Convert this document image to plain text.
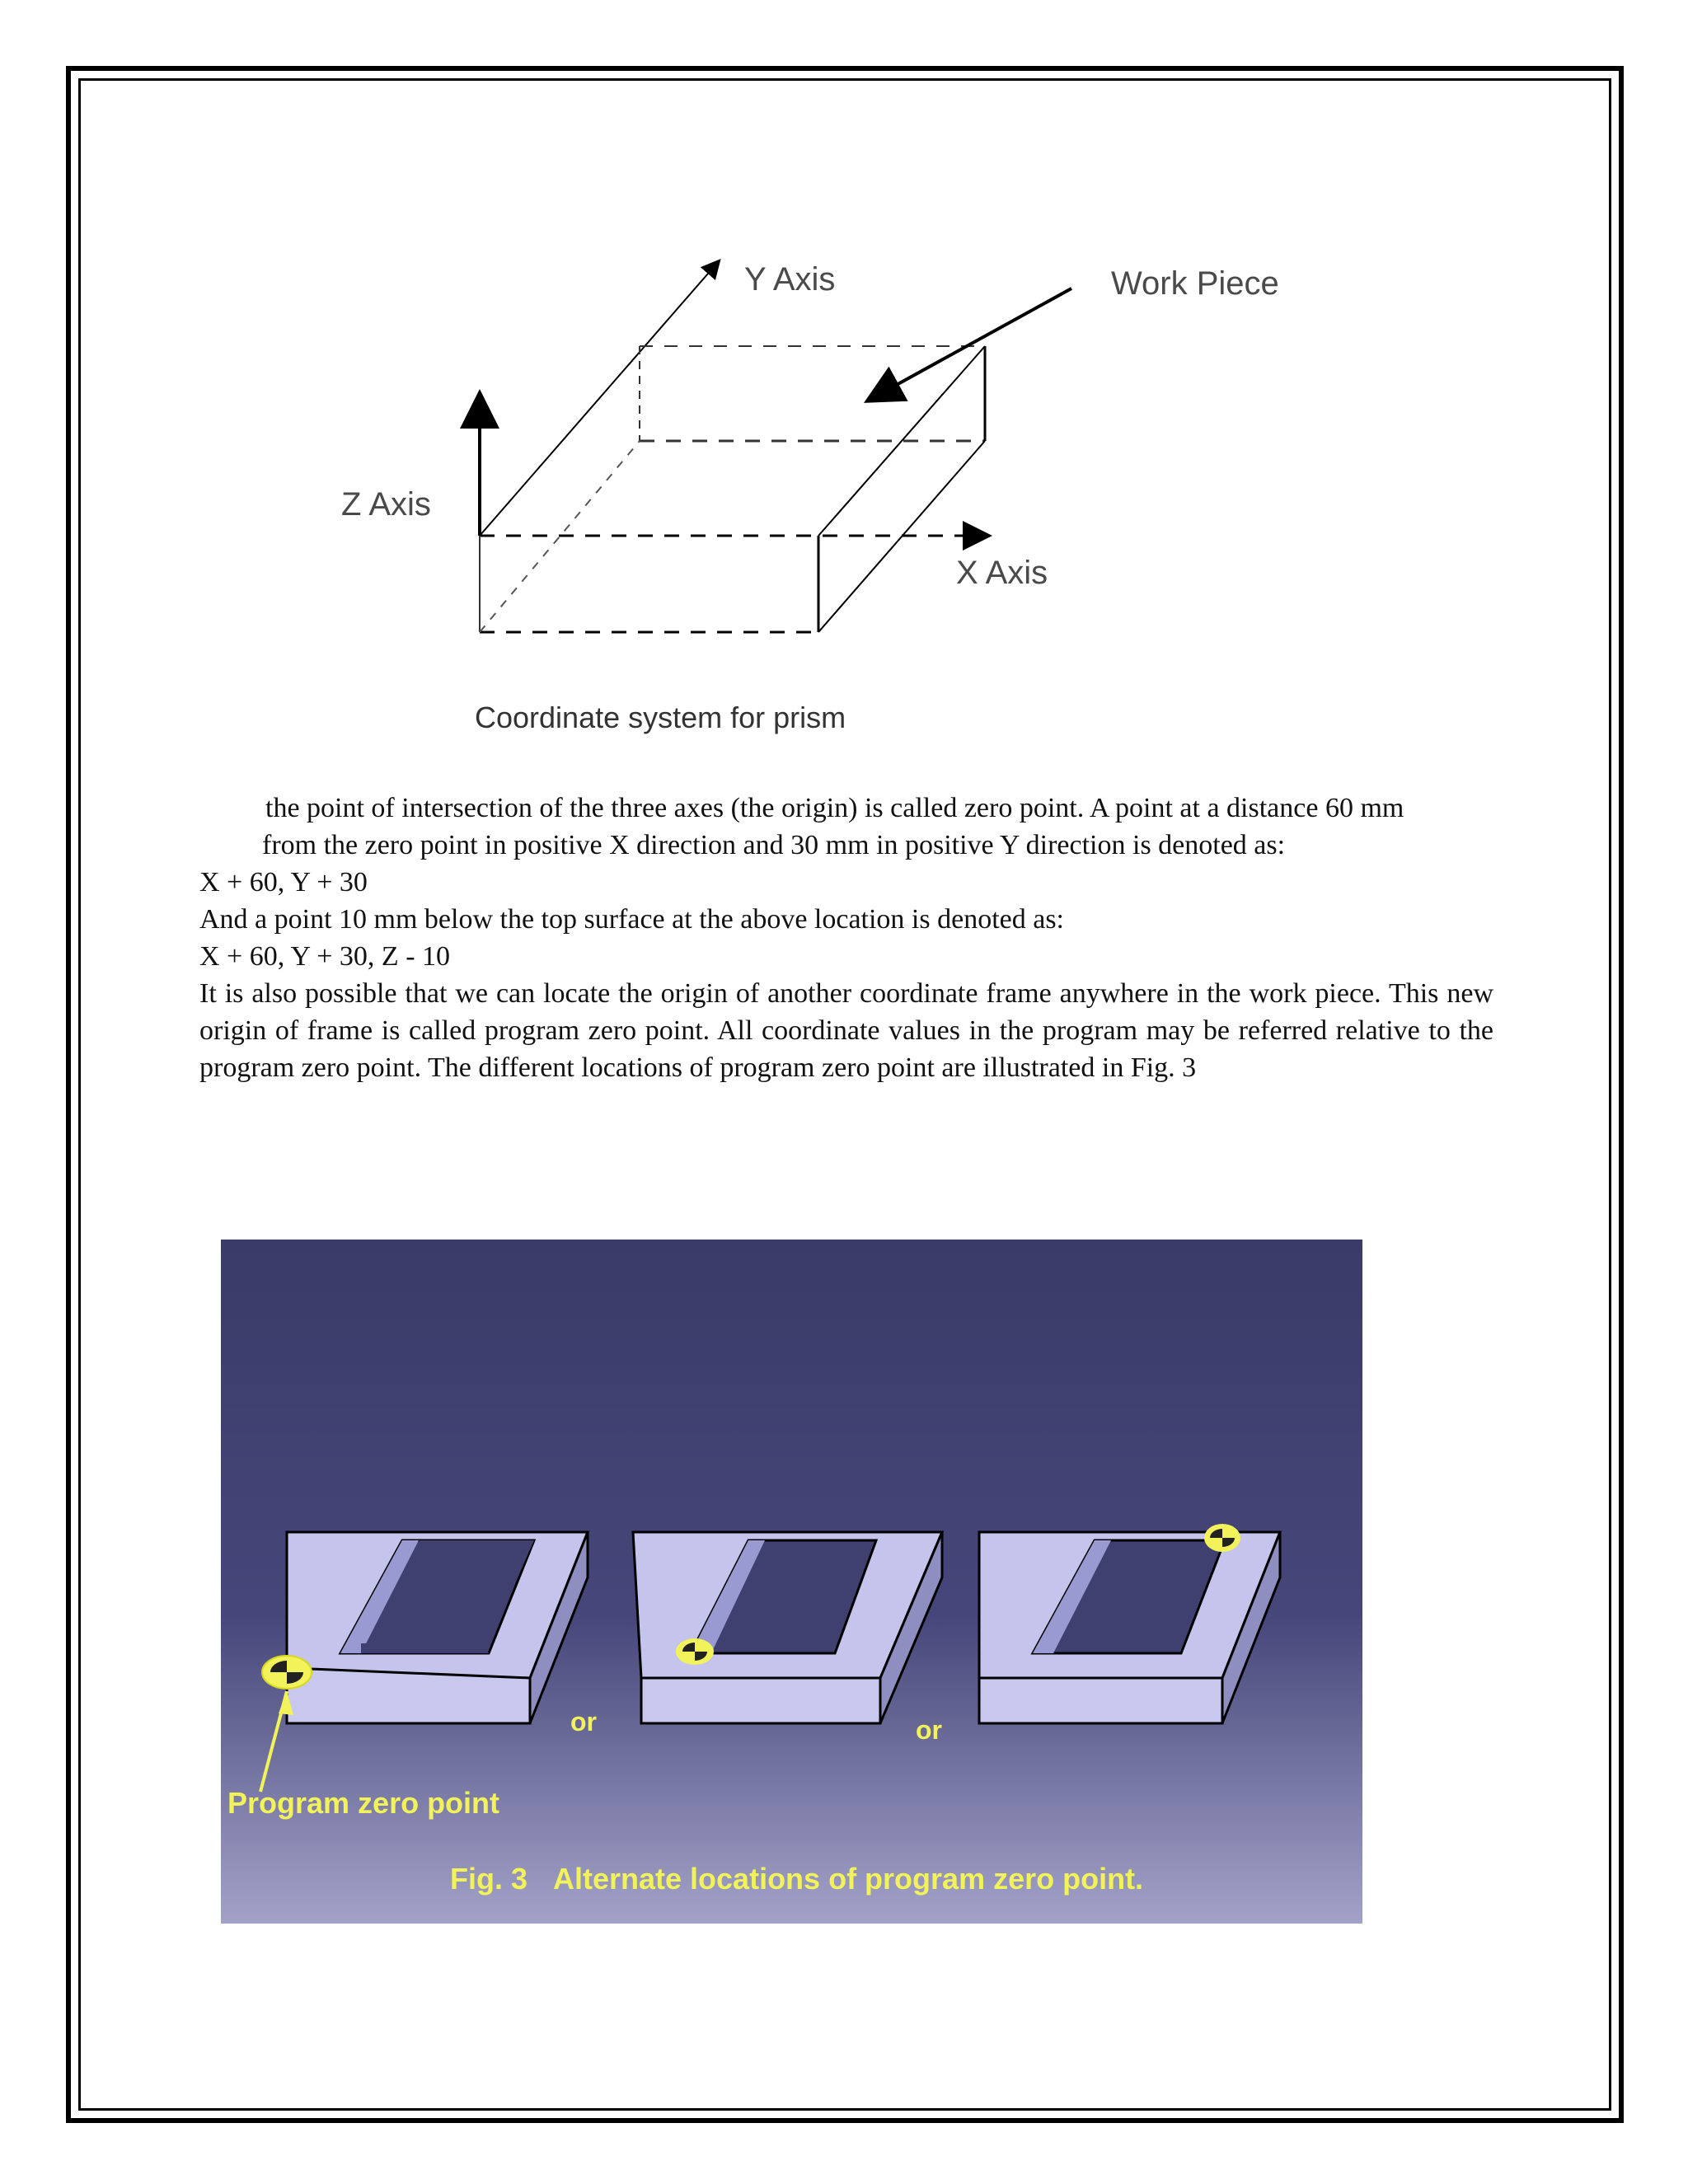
Y Axis	Work Piece
Z Axis
X Axis
Coordinate system for prism

the point of intersection of the three axes (the origin) is called zero point. A point at a distance 60 mm
from the zero point in positive X direction and 30 mm in positive Y direction is denoted as:

X + 60, Y + 30

And a point 10 mm below the top surface at the above location is denoted as:

X + 60, Y + 30, Z - 10

It is also possible that we can locate the origin of another coordinate frame anywhere in the work piece. This new origin of frame is called program zero point. All coordinate values in the program may be referred relative to the program zero point. The different locations of program zero point are illustrated in Fig. 3

or	or
Program zero point
Fig. 3 Alternate locations of program zero point.
